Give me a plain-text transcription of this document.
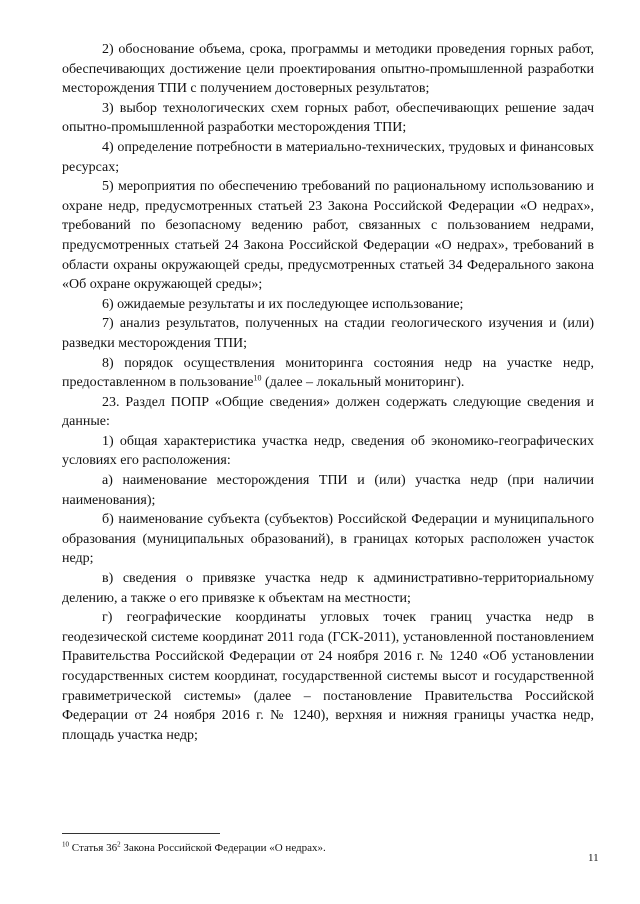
2) обоснование объема, срока, программы и методики проведения горных работ, обеспечивающих достижение цели проектирования опытно-промышленной разработки месторождения ТПИ с получением достоверных результатов;

3) выбор технологических схем горных работ, обеспечивающих решение задач опытно-промышленной разработки месторождения ТПИ;

4) определение потребности в материально-технических, трудовых и финансовых ресурсах;

5) мероприятия по обеспечению требований по рациональному использованию и охране недр, предусмотренных статьей 23 Закона Российской Федерации «О недрах», требований по безопасному ведению работ, связанных с пользованием недрами, предусмотренных статьей 24 Закона Российской Федерации «О недрах», требований в области охраны окружающей среды, предусмотренных статьей 34 Федерального закона «Об охране окружающей среды»;

6) ожидаемые результаты и их последующее использование;

7) анализ результатов, полученных на стадии геологического изучения и (или) разведки месторождения ТПИ;

8) порядок осуществления мониторинга состояния недр на участке недр, предоставленном в пользование$^{10}$ (далее – локальный мониторинг).

23. Раздел ПОПР «Общие сведения» должен содержать следующие сведения и данные:

1) общая характеристика участка недр, сведения об экономико-географических условиях его расположения:

а) наименование месторождения ТПИ и (или) участка недр (при наличии наименования);

б) наименование субъекта (субъектов) Российской Федерации и муниципального образования (муниципальных образований), в границах которых расположен участок недр;

в) сведения о привязке участка недр к административно-территориальному делению, а также о его привязке к объектам на местности;

г) географические координаты угловых точек границ участка недр в геодезической системе координат 2011 года (ГСК-2011), установленной постановлением Правительства Российской Федерации от 24 ноября 2016 г. № 1240 «Об установлении государственных систем координат, государственной системы высот и государственной гравиметрической системы» (далее – постановление Правительства Российской Федерации от 24 ноября 2016 г. № 1240), верхняя и нижняя границы участка недр, площадь участка недр;

$^{10}$ Статья $36^2$ Закона Российской Федерации «О недрах».
11
